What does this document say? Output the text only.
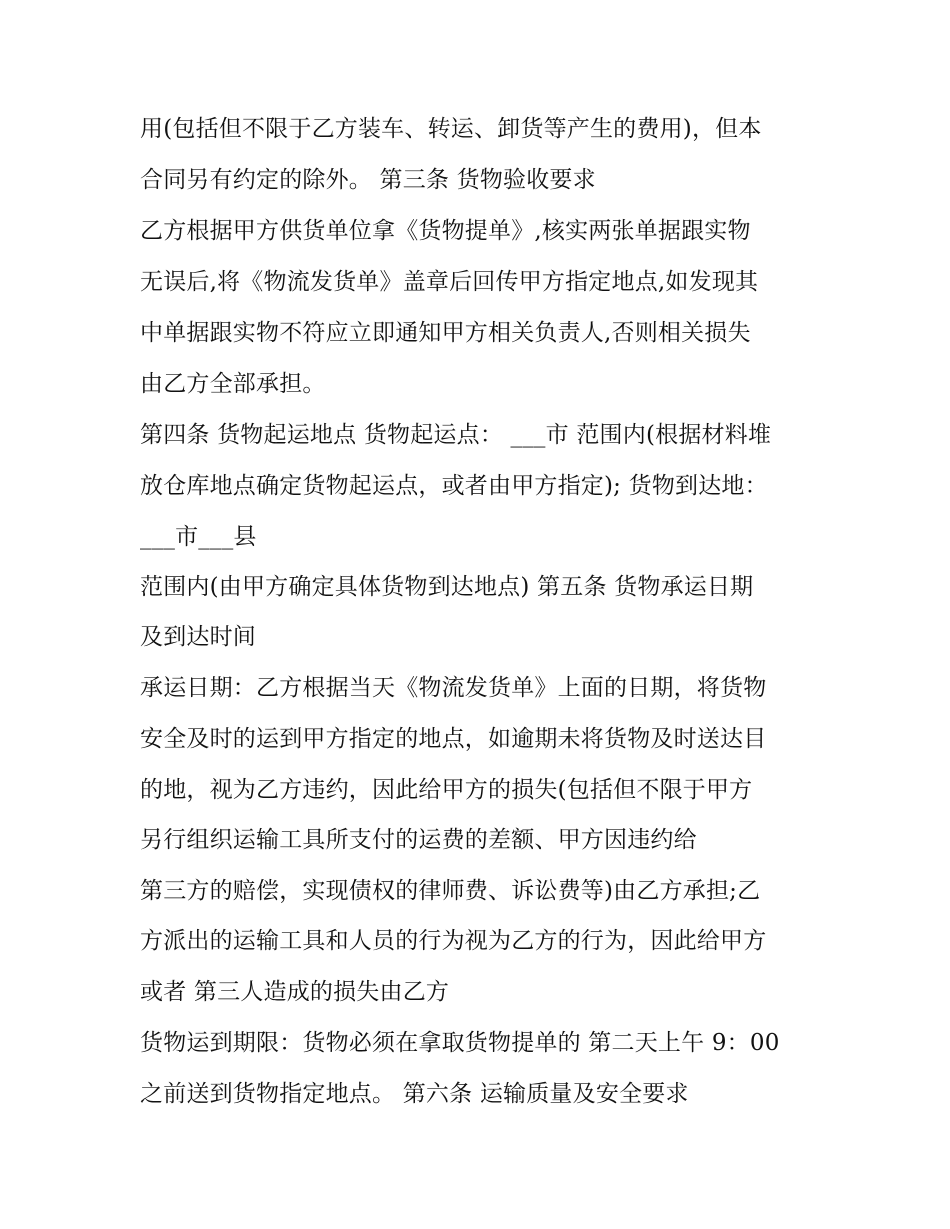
用(包括但不限于乙方装车、转运、卸货等产生的费用)，但本
合同另有约定的除外。 第三条 货物验收要求
乙方根据甲方供货单位拿《货物提单》,核实两张单据跟实物
无误后,将《物流发货单》盖章后回传甲方指定地点,如发现其
中单据跟实物不符应立即通知甲方相关负责人,否则相关损失
由乙方全部承担。
第四条 货物起运地点 货物起运点： ___市 范围内(根据材料堆
放仓库地点确定货物起运点，或者由甲方指定); 货物到达地：
___市___县
范围内(由甲方确定具体货物到达地点) 第五条 货物承运日期
及到达时间
承运日期：乙方根据当天《物流发货单》上面的日期，将货物
安全及时的运到甲方指定的地点，如逾期未将货物及时送达目
的地，视为乙方违约，因此给甲方的损失(包括但不限于甲方
另行组织运输工具所支付的运费的差额、甲方因违约给
第三方的赔偿，实现债权的律师费、诉讼费等)由乙方承担;乙
方派出的运输工具和人员的行为视为乙方的行为，因此给甲方
或者 第三人造成的损失由乙方
货物运到期限：货物必须在拿取货物提单的 第二天上午 9：00
之前送到货物指定地点。 第六条 运输质量及安全要求
